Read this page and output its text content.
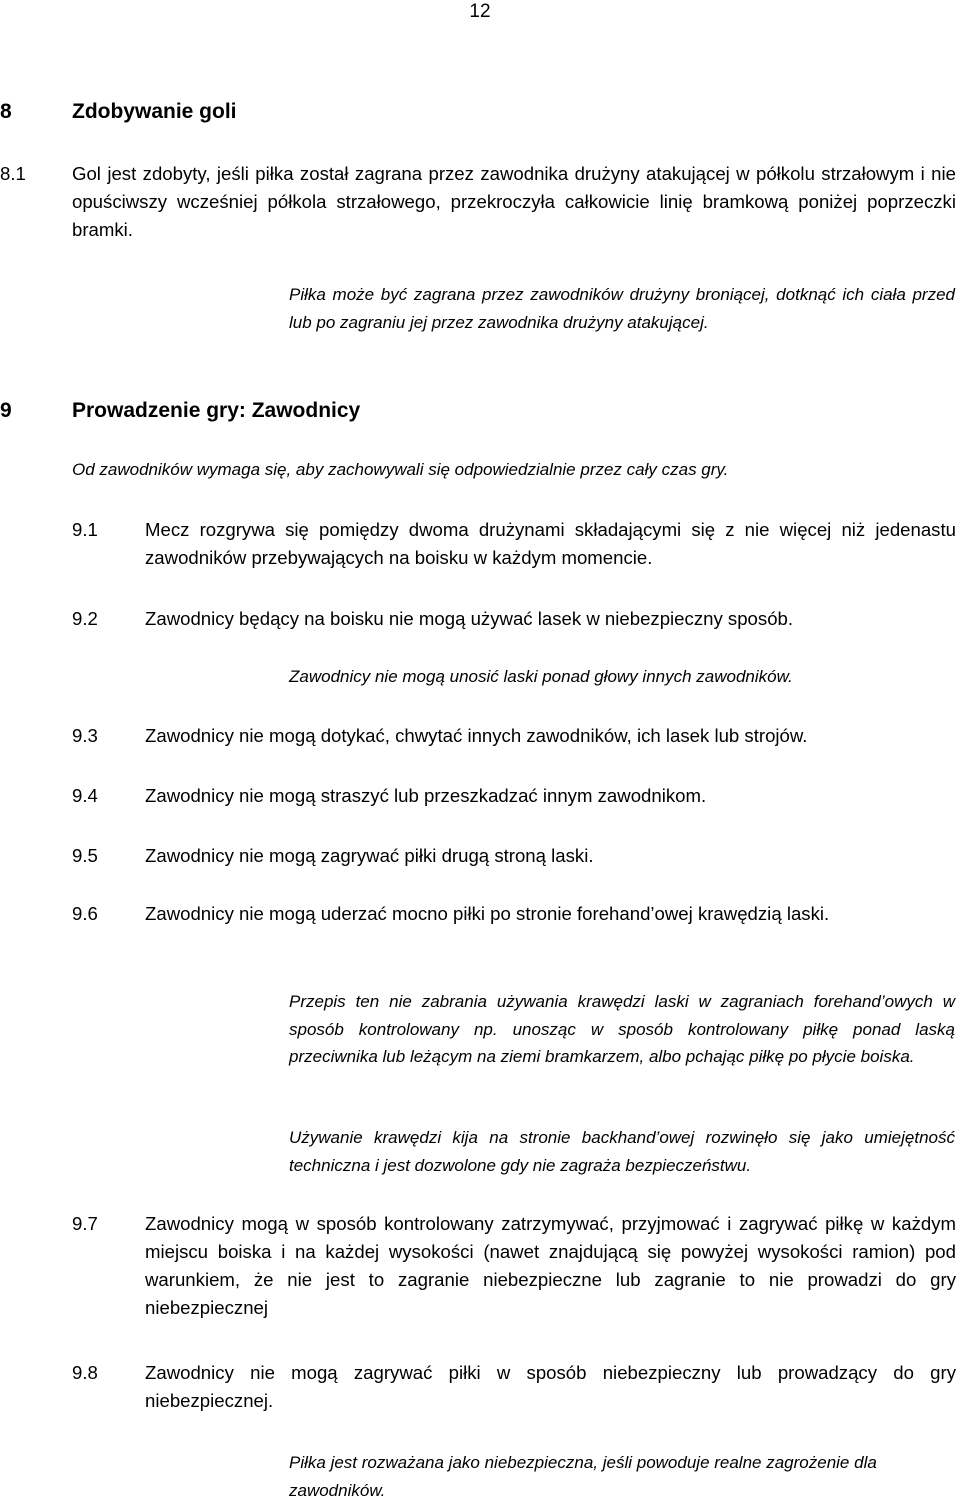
12
8	Zdobywanie goli
8.1 Gol jest zdobyty, jeśli piłka został zagrana przez zawodnika drużyny atakującej w półkolu strzałowym i nie opuściwszy wcześniej półkola strzałowego, przekroczyła całkowicie linię bramkową poniżej poprzeczki bramki.
Piłka może być zagrana przez zawodników drużyny broniącej, dotknąć ich ciała przed lub po zagraniu jej przez zawodnika drużyny atakującej.
9	Prowadzenie gry: Zawodnicy
Od zawodników wymaga się, aby zachowywali się odpowiedzialnie przez cały czas gry.
9.1	Mecz rozgrywa się pomiędzy dwoma drużynami składającymi się z nie więcej niż jedenastu zawodników przebywających na boisku w każdym momencie.
9.2	Zawodnicy będący na boisku nie mogą używać lasek w niebezpieczny sposób.
Zawodnicy nie mogą unosić laski ponad głowy innych zawodników.
9.3	Zawodnicy nie mogą dotykać, chwytać innych zawodników, ich lasek lub strojów.
9.4	Zawodnicy nie mogą straszyć lub przeszkadzać innym zawodnikom.
9.5	Zawodnicy nie mogą zagrywać piłki drugą stroną laski.
9.6	Zawodnicy nie mogą uderzać mocno piłki po stronie forehand’owej krawędzią laski.
Przepis ten nie zabrania używania krawędzi laski w zagraniach forehand’owych w sposób kontrolowany np. unosząc w sposób kontrolowany piłkę ponad laską przeciwnika lub leżącym na ziemi bramkarzem, albo pchając piłkę po płycie boiska.
Używanie krawędzi kija na stronie backhand’owej rozwinęło się jako umiejętność techniczna i jest dozwolone gdy nie zagraża bezpieczeństwu.
9.7	Zawodnicy mogą w sposób kontrolowany zatrzymywać, przyjmować i zagrywać piłkę w każdym miejscu boiska i na każdej wysokości (nawet znajdującą się powyżej wysokości ramion) pod warunkiem, że nie jest to zagranie niebezpieczne lub zagranie to nie prowadzi do gry niebezpiecznej
9.8	Zawodnicy nie mogą zagrywać piłki w sposób niebezpieczny lub prowadzący do gry niebezpiecznej.
Piłka jest rozważana jako niebezpieczna, jeśli powoduje realne zagrożenie dla zawodników.
